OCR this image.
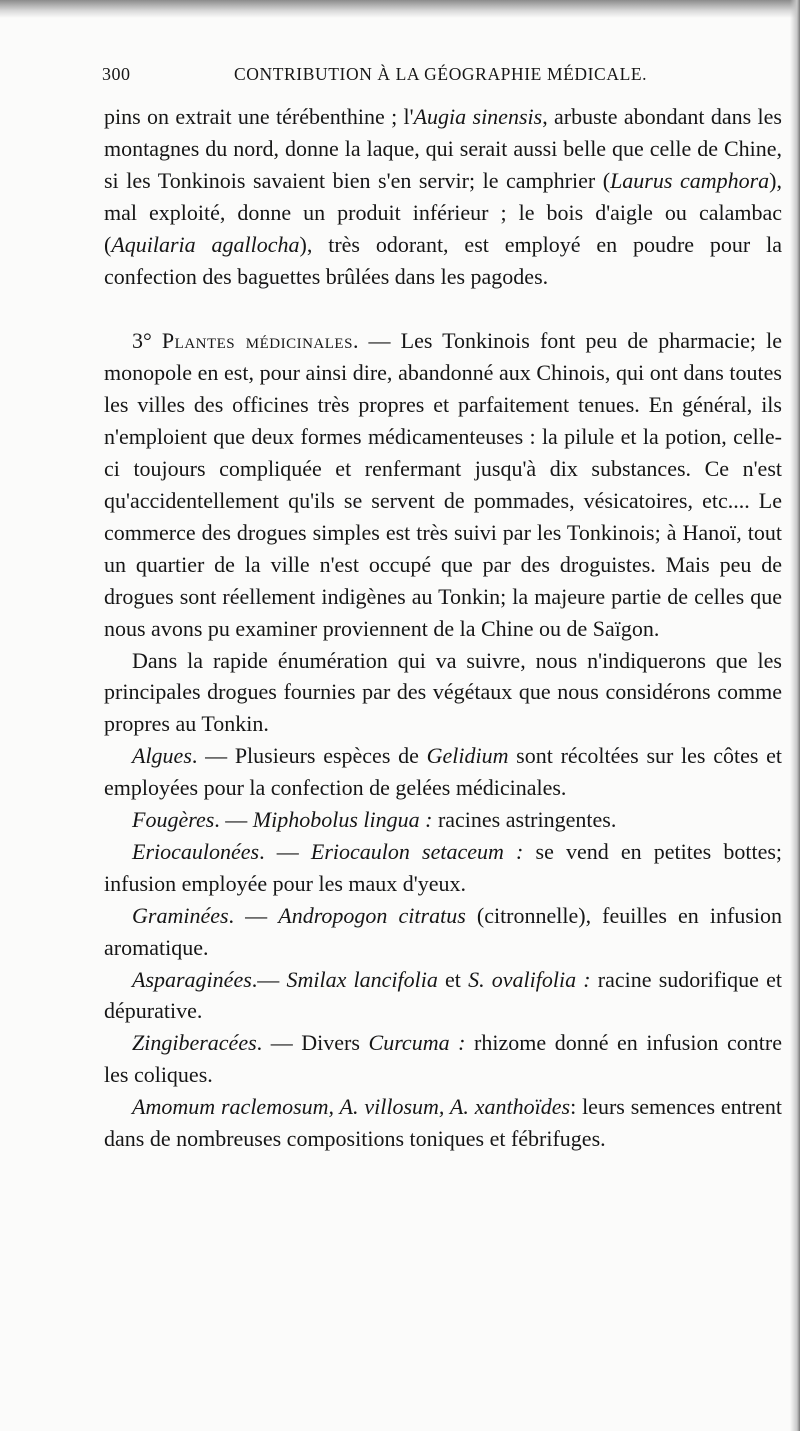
300	CONTRIBUTION À LA GÉOGRAPHIE MÉDICALE.

pins on extrait une térébenthine ; l'Augia sinensis, arbuste abondant dans les montagnes du nord, donne la laque, qui serait aussi belle que celle de Chine, si les Tonkinois savaient bien s'en servir; le camphrier (Laurus camphora), mal exploité, donne un produit inférieur ; le bois d'aigle ou calambac (Aquilaria agallocha), très odorant, est employé en poudre pour la confection des baguettes brûlées dans les pagodes.

3° Plantes médicinales. — Les Tonkinois font peu de pharmacie; le monopole en est, pour ainsi dire, abandonné aux Chinois, qui ont dans toutes les villes des officines très propres et parfaitement tenues. En général, ils n'emploient que deux formes médicamenteuses : la pilule et la potion, celle-ci toujours compliquée et renfermant jusqu'à dix substances. Ce n'est qu'accidentellement qu'ils se servent de pommades, vésicatoires, etc.... Le commerce des drogues simples est très suivi par les Tonkinois; à Hanoï, tout un quartier de la ville n'est occupé que par des droguistes. Mais peu de drogues sont réellement indigènes au Tonkin; la majeure partie de celles que nous avons pu examiner proviennent de la Chine ou de Saïgon.

Dans la rapide énumération qui va suivre, nous n'indiquerons que les principales drogues fournies par des végétaux que nous considérons comme propres au Tonkin.

Algues. — Plusieurs espèces de Gelidium sont récoltées sur les côtes et employées pour la confection de gelées médicinales.

Fougères. — Miphobolus lingua : racines astringentes.

Eriocaulonées. — Eriocaulon setaceum : se vend en petites bottes; infusion employée pour les maux d'yeux.

Graminées. — Andropogon citratus (citronnelle), feuilles en infusion aromatique.

Asparaginées.— Smilax lancifolia et S. ovalifolia : racine sudorifique et dépurative.

Zingiberacées. — Divers Curcuma : rhizome donné en infusion contre les coliques.

Amomum raclemosum, A. villosum, A. xanthoïdes: leurs semences entrent dans de nombreuses compositions toniques et fébrifuges.
